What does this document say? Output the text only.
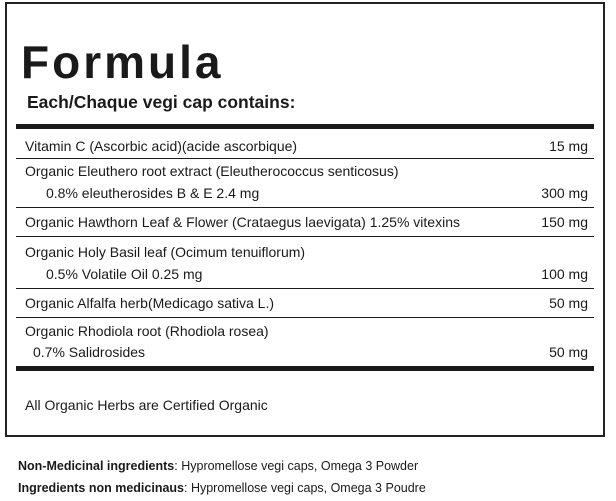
Formula
Each/Chaque vegi cap contains:
Vitamin C (Ascorbic acid)(acide ascorbique)	15 mg
Organic Eleuthero root extract (Eleutherococcus senticosus)
0.8% eleutherosides B & E 2.4 mg	300 mg
Organic Hawthorn Leaf & Flower (Crataegus laevigata) 1.25% vitexins	150 mg
Organic Holy Basil leaf (Ocimum tenuiflorum)
0.5% Volatile Oil 0.25 mg	100 mg
Organic Alfalfa herb(Medicago sativa L.)	50 mg
Organic Rhodiola root (Rhodiola rosea)
0.7% Salidrosides	50 mg
All Organic Herbs are Certified Organic
Non-Medicinal ingredients: Hypromellose vegi caps, Omega 3 Powder
Ingredients non medicinaus: Hypromellose vegi caps, Omega 3 Poudre
